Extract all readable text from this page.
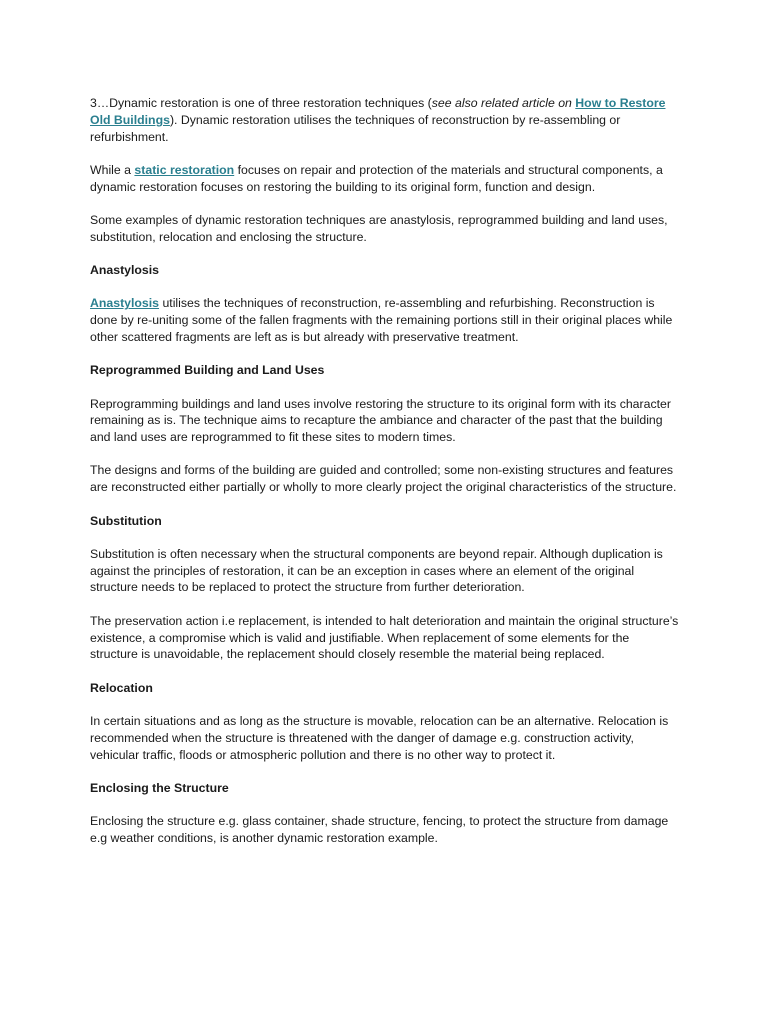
3…Dynamic restoration is one of three restoration techniques (see also related article on How to Restore Old Buildings). Dynamic restoration utilises the techniques of reconstruction by re-assembling or refurbishment.

While a static restoration focuses on repair and protection of the materials and structural components, a dynamic restoration focuses on restoring the building to its original form, function and design.

Some examples of dynamic restoration techniques are anastylosis, reprogrammed building and land uses, substitution, relocation and enclosing the structure.

Anastylosis

Anastylosis utilises the techniques of reconstruction, re-assembling and refurbishing. Reconstruction is done by re-uniting some of the fallen fragments with the remaining portions still in their original places while other scattered fragments are left as is but already with preservative treatment.

Reprogrammed Building and Land Uses

Reprogramming buildings and land uses involve restoring the structure to its original form with its character remaining as is. The technique aims to recapture the ambiance and character of the past that the building and land uses are reprogrammed to fit these sites to modern times.

The designs and forms of the building are guided and controlled; some non-existing structures and features are reconstructed either partially or wholly to more clearly project the original characteristics of the structure.

Substitution

Substitution is often necessary when the structural components are beyond repair. Although duplication is against the principles of restoration, it can be an exception in cases where an element of the original structure needs to be replaced to protect the structure from further deterioration.

The preservation action i.e replacement, is intended to halt deterioration and maintain the original structure’s existence, a compromise which is valid and justifiable. When replacement of some elements for the structure is unavoidable, the replacement should closely resemble the material being replaced.

Relocation

In certain situations and as long as the structure is movable, relocation can be an alternative. Relocation is recommended when the structure is threatened with the danger of damage e.g. construction activity, vehicular traffic, floods or atmospheric pollution and there is no other way to protect it.

Enclosing the Structure

Enclosing the structure e.g. glass container, shade structure, fencing, to protect the structure from damage e.g weather conditions, is another dynamic restoration example.
